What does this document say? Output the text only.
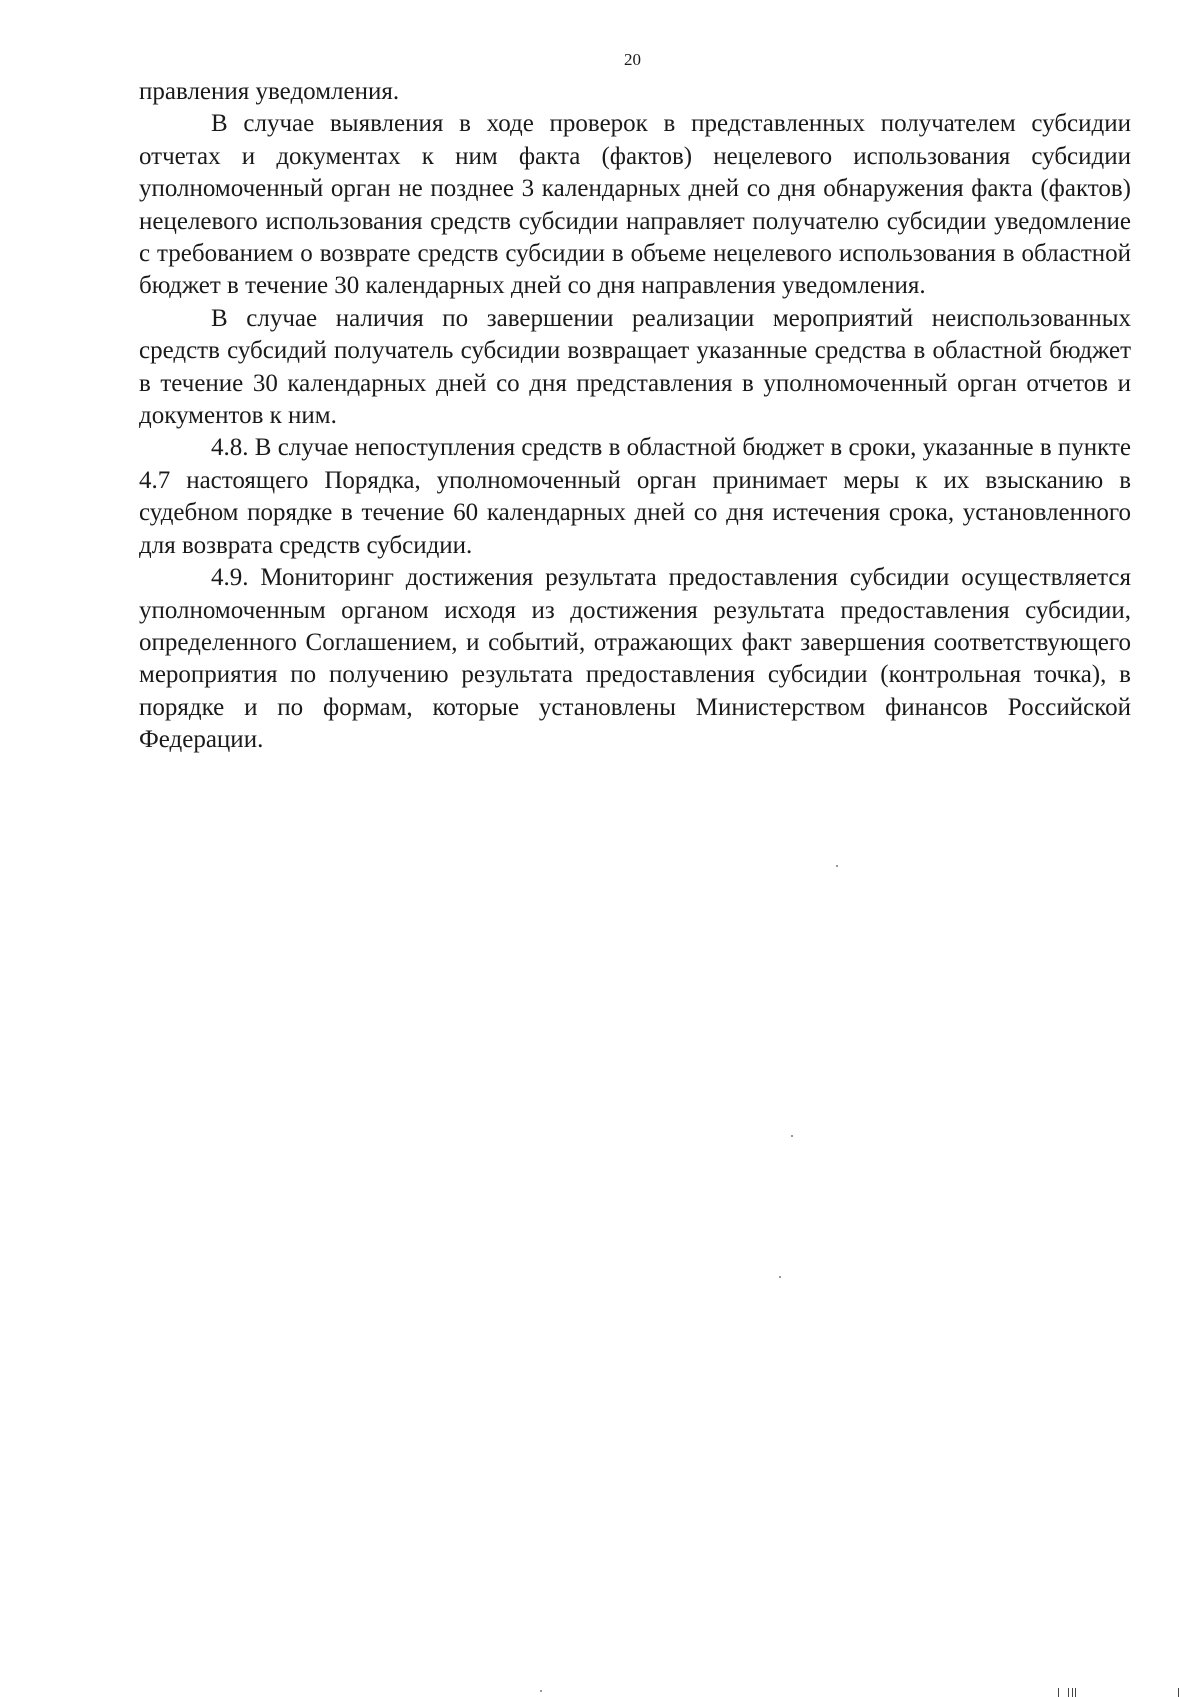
20

правления уведомления.

В случае выявления в ходе проверок в представленных получателем субсидии отчетах и документах к ним факта (фактов) нецелевого использования субсидии уполномоченный орган не позднее 3 календарных дней со дня обнаружения факта (фактов) нецелевого использования средств субсидии направляет получателю субсидии уведомление с требованием о возврате средств субсидии в объеме нецелевого использования в областной бюджет в течение 30 календарных дней со дня направления уведомления.

В случае наличия по завершении реализации мероприятий неиспользованных средств субсидий получатель субсидии возвращает указанные средства в областной бюджет в течение 30 календарных дней со дня представления в уполномоченный орган отчетов и документов к ним.

4.8. В случае непоступления средств в областной бюджет в сроки, указанные в пункте 4.7 настоящего Порядка, уполномоченный орган принимает меры к их взысканию в судебном порядке в течение 60 календарных дней со дня истечения срока, установленного для возврата средств субсидии.

4.9. Мониторинг достижения результата предоставления субсидии осуществляется уполномоченным органом исходя из достижения результата предоставления субсидии, определенного Соглашением, и событий, отражающих факт завершения соответствующего мероприятия по получению результата предоставления субсидии (контрольная точка), в порядке и по формам, которые установлены Министерством финансов Российской Федерации.
